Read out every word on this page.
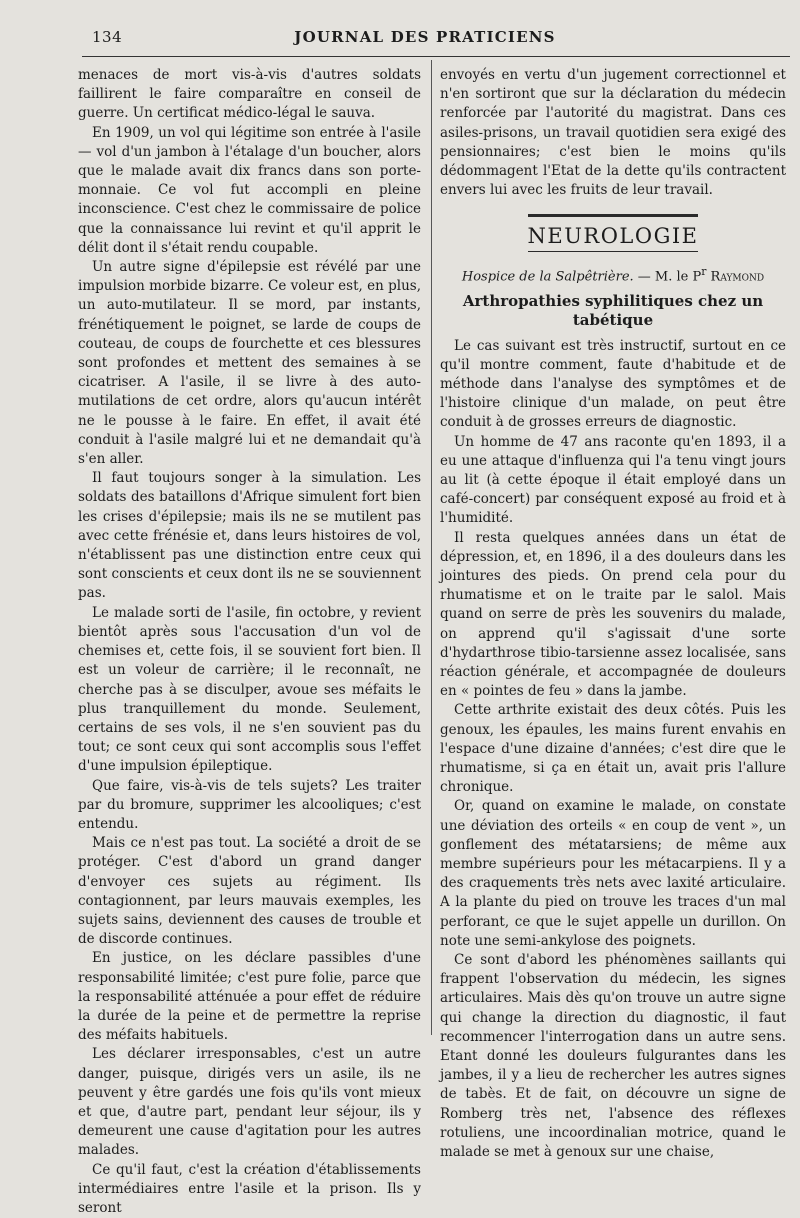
134	JOURNAL DES PRATICIENS

menaces de mort vis-à-vis d'autres soldats faillirent le faire comparaître en conseil de guerre. Un certificat médico-légal le sauva.

En 1909, un vol qui légitime son entrée à l'asile — vol d'un jambon à l'étalage d'un boucher, alors que le malade avait dix francs dans son porte-monnaie. Ce vol fut accompli en pleine inconscience. C'est chez le commissaire de police que la connaissance lui revint et qu'il apprit le délit dont il s'était rendu coupable.

Un autre signe d'épilepsie est révélé par une impulsion morbide bizarre. Ce voleur est, en plus, un auto-mutilateur. Il se mord, par instants, frénétiquement le poignet, se larde de coups de couteau, de coups de fourchette et ces blessures sont profondes et mettent des semaines à se cicatriser. A l'asile, il se livre à des auto-mutilations de cet ordre, alors qu'aucun intérêt ne le pousse à le faire. En effet, il avait été conduit à l'asile malgré lui et ne demandait qu'à s'en aller.

Il faut toujours songer à la simulation. Les soldats des bataillons d'Afrique simulent fort bien les crises d'épilepsie; mais ils ne se mutilent pas avec cette frénésie et, dans leurs histoires de vol, n'établissent pas une distinction entre ceux qui sont conscients et ceux dont ils ne se souviennent pas.

Le malade sorti de l'asile, fin octobre, y revient bientôt après sous l'accusation d'un vol de chemises et, cette fois, il se souvient fort bien. Il est un voleur de carrière; il le reconnaît, ne cherche pas à se disculper, avoue ses méfaits le plus tranquillement du monde. Seulement, certains de ses vols, il ne s'en souvient pas du tout; ce sont ceux qui sont accomplis sous l'effet d'une impulsion épileptique.

Que faire, vis-à-vis de tels sujets? Les traiter par du bromure, supprimer les alcooliques; c'est entendu.

Mais ce n'est pas tout. La société a droit de se protéger. C'est d'abord un grand danger d'envoyer ces sujets au régiment. Ils contagionnent, par leurs mauvais exemples, les sujets sains, deviennent des causes de trouble et de discorde continues.

En justice, on les déclare passibles d'une responsabilité limitée; c'est pure folie, parce que la responsabilité atténuée a pour effet de réduire la durée de la peine et de permettre la reprise des méfaits habituels.

Les déclarer irresponsables, c'est un autre danger, puisque, dirigés vers un asile, ils ne peuvent y être gardés une fois qu'ils vont mieux et que, d'autre part, pendant leur séjour, ils y demeurent une cause d'agitation pour les autres malades.

Ce qu'il faut, c'est la création d'établissements intermédiaires entre l'asile et la prison. Ils y seront

envoyés en vertu d'un jugement correctionnel et n'en sortiront que sur la déclaration du médecin renforcée par l'autorité du magistrat. Dans ces asiles-prisons, un travail quotidien sera exigé des pensionnaires; c'est bien le moins qu'ils dédommagent l'Etat de la dette qu'ils contractent envers lui avec les fruits de leur travail.

NEUROLOGIE
Hospice de la Salpêtrière. — M. le $P^r$ Raymond
Arthropathies syphilitiques chez un tabétique

Le cas suivant est très instructif, surtout en ce qu'il montre comment, faute d'habitude et de méthode dans l'analyse des symptômes et de l'histoire clinique d'un malade, on peut être conduit à de grosses erreurs de diagnostic.

Un homme de 47 ans raconte qu'en 1893, il a eu une attaque d'influenza qui l'a tenu vingt jours au lit (à cette époque il était employé dans un café-concert) par conséquent exposé au froid et à l'humidité.

Il resta quelques années dans un état de dépression, et, en 1896, il a des douleurs dans les jointures des pieds. On prend cela pour du rhumatisme et on le traite par le salol. Mais quand on serre de près les souvenirs du malade, on apprend qu'il s'agissait d'une sorte d'hydarthrose tibio-tarsienne assez localisée, sans réaction générale, et accompagnée de douleurs en « pointes de feu » dans la jambe.

Cette arthrite existait des deux côtés. Puis les genoux, les épaules, les mains furent envahis en l'espace d'une dizaine d'années; c'est dire que le rhumatisme, si ça en était un, avait pris l'allure chronique.

Or, quand on examine le malade, on constate une déviation des orteils « en coup de vent », un gonflement des métatarsiens; de même aux membre supérieurs pour les métacarpiens. Il y a des craquements très nets avec laxité articulaire. A la plante du pied on trouve les traces d'un mal perforant, ce que le sujet appelle un durillon. On note une semi-ankylose des poignets.

Ce sont d'abord les phénomènes saillants qui frappent l'observation du médecin, les signes articulaires. Mais dès qu'on trouve un autre signe qui change la direction du diagnostic, il faut recommencer l'interrogation dans un autre sens. Etant donné les douleurs fulgurantes dans les jambes, il y a lieu de rechercher les autres signes de tabès. Et de fait, on découvre un signe de Romberg très net, l'absence des réflexes rotuliens, une incoordinalian motrice, quand le malade se met à genoux sur une chaise,
